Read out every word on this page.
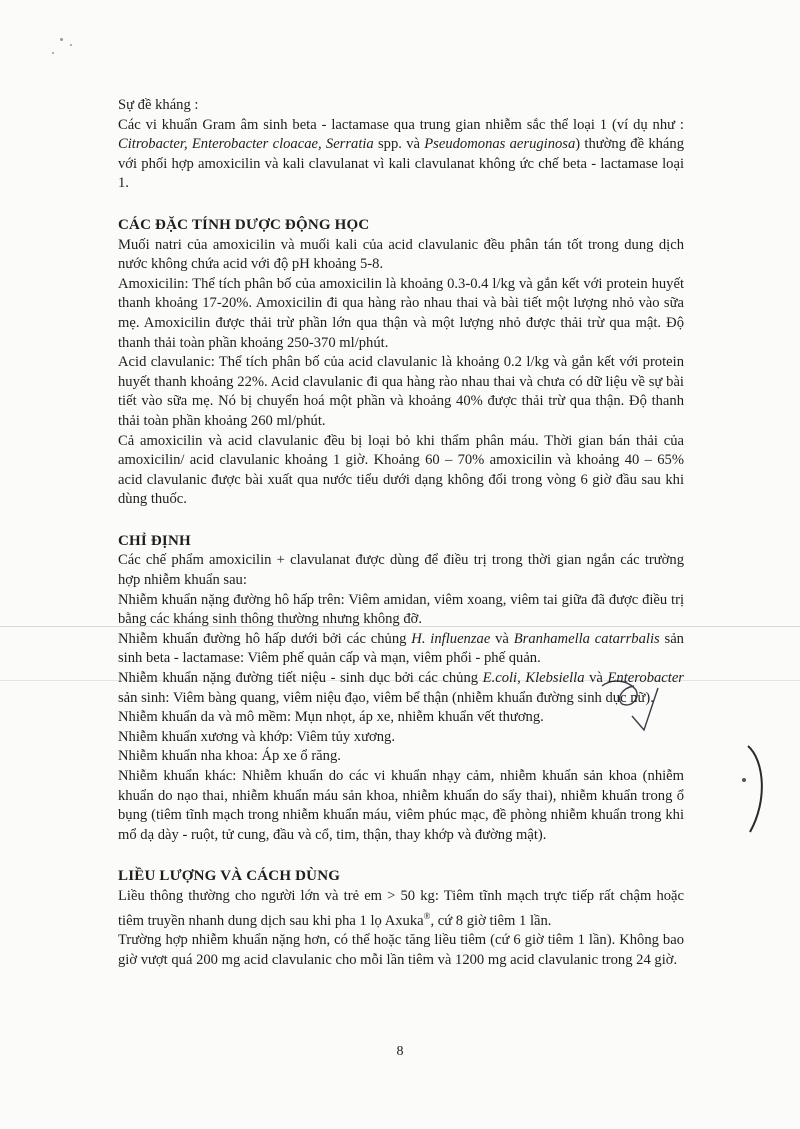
Sự đề kháng :

Các vi khuẩn Gram âm sinh beta - lactamase qua trung gian nhiễm sắc thể loại 1 (ví dụ như : Citrobacter, Enterobacter cloacae, Serratia spp. và Pseudomonas aeruginosa) thường đề kháng với phối hợp amoxicilin và kali clavulanat vì kali clavulanat không ức chế beta - lactamase loại 1.

CÁC ĐẶC TÍNH DƯỢC ĐỘNG HỌC

Muối natri của amoxicilin và muối kali của acid clavulanic đều phân tán tốt trong dung dịch nước không chứa acid với độ pH khoảng 5-8.

Amoxicilin: Thể tích phân bố của amoxicilin là khoảng 0.3-0.4 l/kg và gắn kết với protein huyết thanh khoảng 17-20%. Amoxicilin đi qua hàng rào nhau thai và bài tiết một lượng nhỏ vào sữa mẹ. Amoxicilin được thải trừ phần lớn qua thận và một lượng nhỏ được thải trừ qua mật. Độ thanh thải toàn phần khoảng 250-370 ml/phút.

Acid clavulanic: Thể tích phân bố của acid clavulanic là khoảng 0.2 l/kg và gắn kết với protein huyết thanh khoảng 22%. Acid clavulanic đi qua hàng rào nhau thai và chưa có dữ liệu về sự bài tiết vào sữa mẹ. Nó bị chuyển hoá một phần và khoảng 40% được thải trừ qua thận. Độ thanh thải toàn phần khoảng 260 ml/phút.

Cả amoxicilin và acid clavulanic đều bị loại bỏ khi thẩm phân máu. Thời gian bán thải của amoxicilin/ acid clavulanic khoảng 1 giờ. Khoảng 60 – 70% amoxicilin và khoảng 40 – 65% acid clavulanic được bài xuất qua nước tiểu dưới dạng không đổi trong vòng 6 giờ đầu sau khi dùng thuốc.

CHỈ ĐỊNH

Các chế phẩm amoxicilin + clavulanat được dùng để điều trị trong thời gian ngắn các trường hợp nhiễm khuẩn sau:

Nhiễm khuẩn nặng đường hô hấp trên: Viêm amidan, viêm xoang, viêm tai giữa đã được điều trị bằng các kháng sinh thông thường nhưng không đỡ.

Nhiễm khuẩn đường hô hấp dưới bởi các chủng H. influenzae và Branhamella catarrbalis sản sinh beta - lactamase: Viêm phế quản cấp và mạn, viêm phổi - phế quản.

Nhiễm khuẩn nặng đường tiết niệu - sinh dục bởi các chủng E.coli, Klebsiella và Enterobacter sản sinh: Viêm bàng quang, viêm niệu đạo, viêm bể thận (nhiễm khuẩn đường sinh dục nữ).

Nhiễm khuẩn da và mô mềm: Mụn nhọt, áp xe, nhiễm khuẩn vết thương.

Nhiễm khuẩn xương và khớp: Viêm tủy xương.

Nhiễm khuẩn nha khoa: Áp xe ổ răng.

Nhiễm khuẩn khác: Nhiễm khuẩn do các vi khuẩn nhạy cảm, nhiễm khuẩn sản khoa (nhiễm khuẩn do nạo thai, nhiễm khuẩn máu sản khoa, nhiễm khuẩn do sẩy thai), nhiễm khuẩn trong ổ bụng (tiêm tĩnh mạch trong nhiễm khuẩn máu, viêm phúc mạc, đề phòng nhiễm khuẩn trong khi mổ dạ dày - ruột, tử cung, đầu và cổ, tim, thận, thay khớp và đường mật).

LIỀU LƯỢNG VÀ CÁCH DÙNG

Liều thông thường cho người lớn và trẻ em > 50 kg: Tiêm tĩnh mạch trực tiếp rất chậm hoặc tiêm truyền nhanh dung dịch sau khi pha 1 lọ Axuka®, cứ 8 giờ tiêm 1 lần.

Trường hợp nhiễm khuẩn nặng hơn, có thể hoặc tăng liều tiêm (cứ 6 giờ tiêm 1 lần). Không bao giờ vượt quá 200 mg acid clavulanic cho mỗi lần tiêm và 1200 mg acid clavulanic trong 24 giờ.

8
